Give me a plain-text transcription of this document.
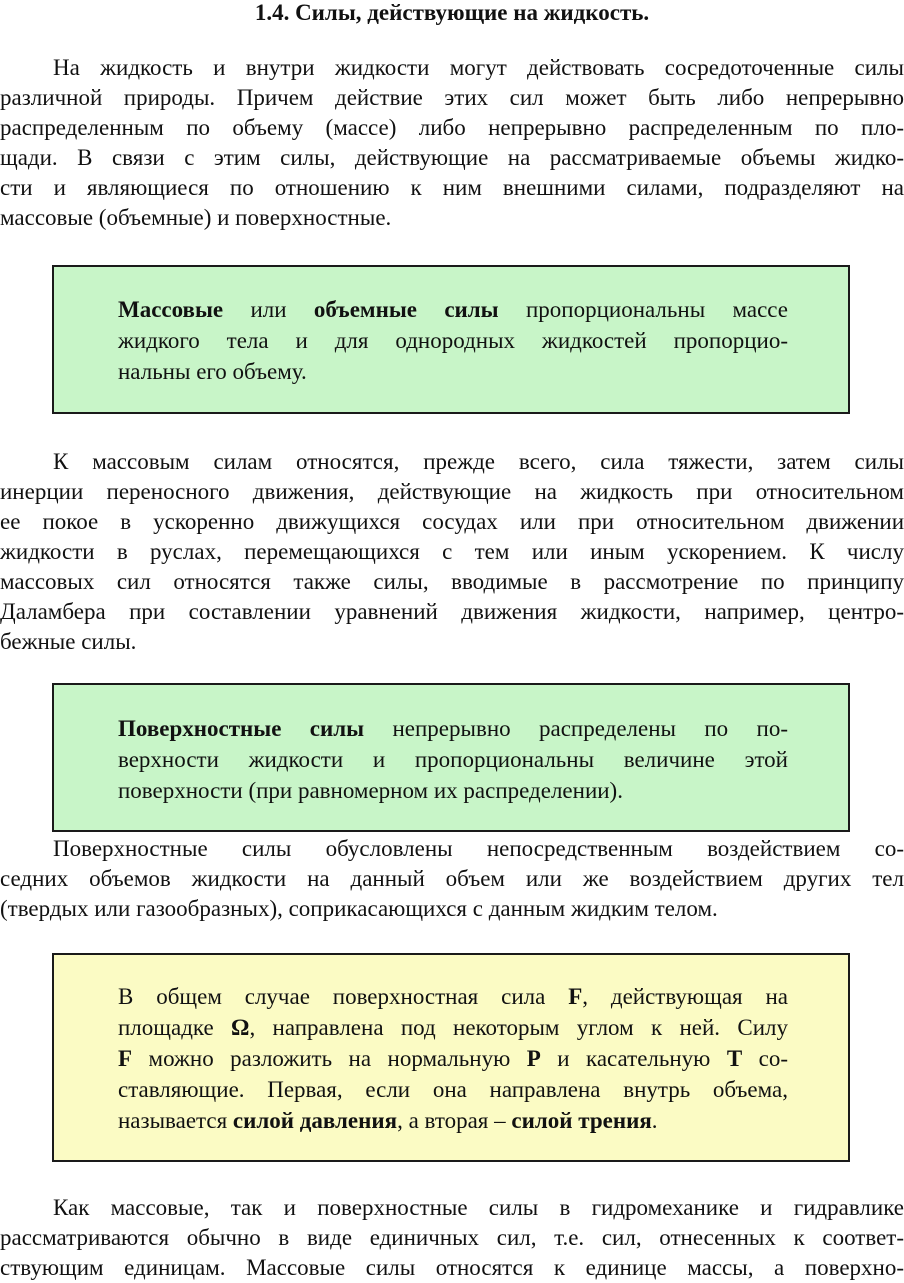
1.4. Силы, действующие на жидкость.
На жидкость и внутри жидкости могут действовать сосредоточенные силы
различной природы. Причем действие этих сил может быть либо непрерывно
распределенным по объему (массе) либо непрерывно распределенным по пло-
щади. В связи с этим силы, действующие на рассматриваемые объемы жидко-
сти и являющиеся по отношению к ним внешними силами, подразделяют на
массовые (объемные) и поверхностные.
Массовые или объемные силы пропорциональны массе
жидкого тела и для однородных жидкостей пропорцио-
нальны его объему.
К массовым силам относятся, прежде всего, сила тяжести, затем силы
инерции переносного движения, действующие на жидкость при относительном
ее покое в ускоренно движущихся сосудах или при относительном движении
жидкости в руслах, перемещающихся с тем или иным ускорением. К числу
массовых сил относятся также силы, вводимые в рассмотрение по принципу
Даламбера при составлении уравнений движения жидкости, например, центро-
бежные силы.
Поверхностные силы непрерывно распределены по по-
верхности жидкости и пропорциональны величине этой
поверхности (при равномерном их распределении).
Поверхностные силы обусловлены непосредственным воздействием со-
седних объемов жидкости на данный объем или же воздействием других тел
(твердых или газообразных), соприкасающихся с данным жидким телом.
В общем случае поверхностная сила F, действующая на
площадке Ω, направлена под некоторым углом к ней. Силу
F можно разложить на нормальную P и касательную T со-
ставляющие. Первая, если она направлена внутрь объема,
называется силой давления, а вторая – силой трения.
Как массовые, так и поверхностные силы в гидромеханике и гидравлике
рассматриваются обычно в виде единичных сил, т.е. сил, отнесенных к соответ-
ствующим единицам. Массовые силы относятся к единице массы, а поверхно-
